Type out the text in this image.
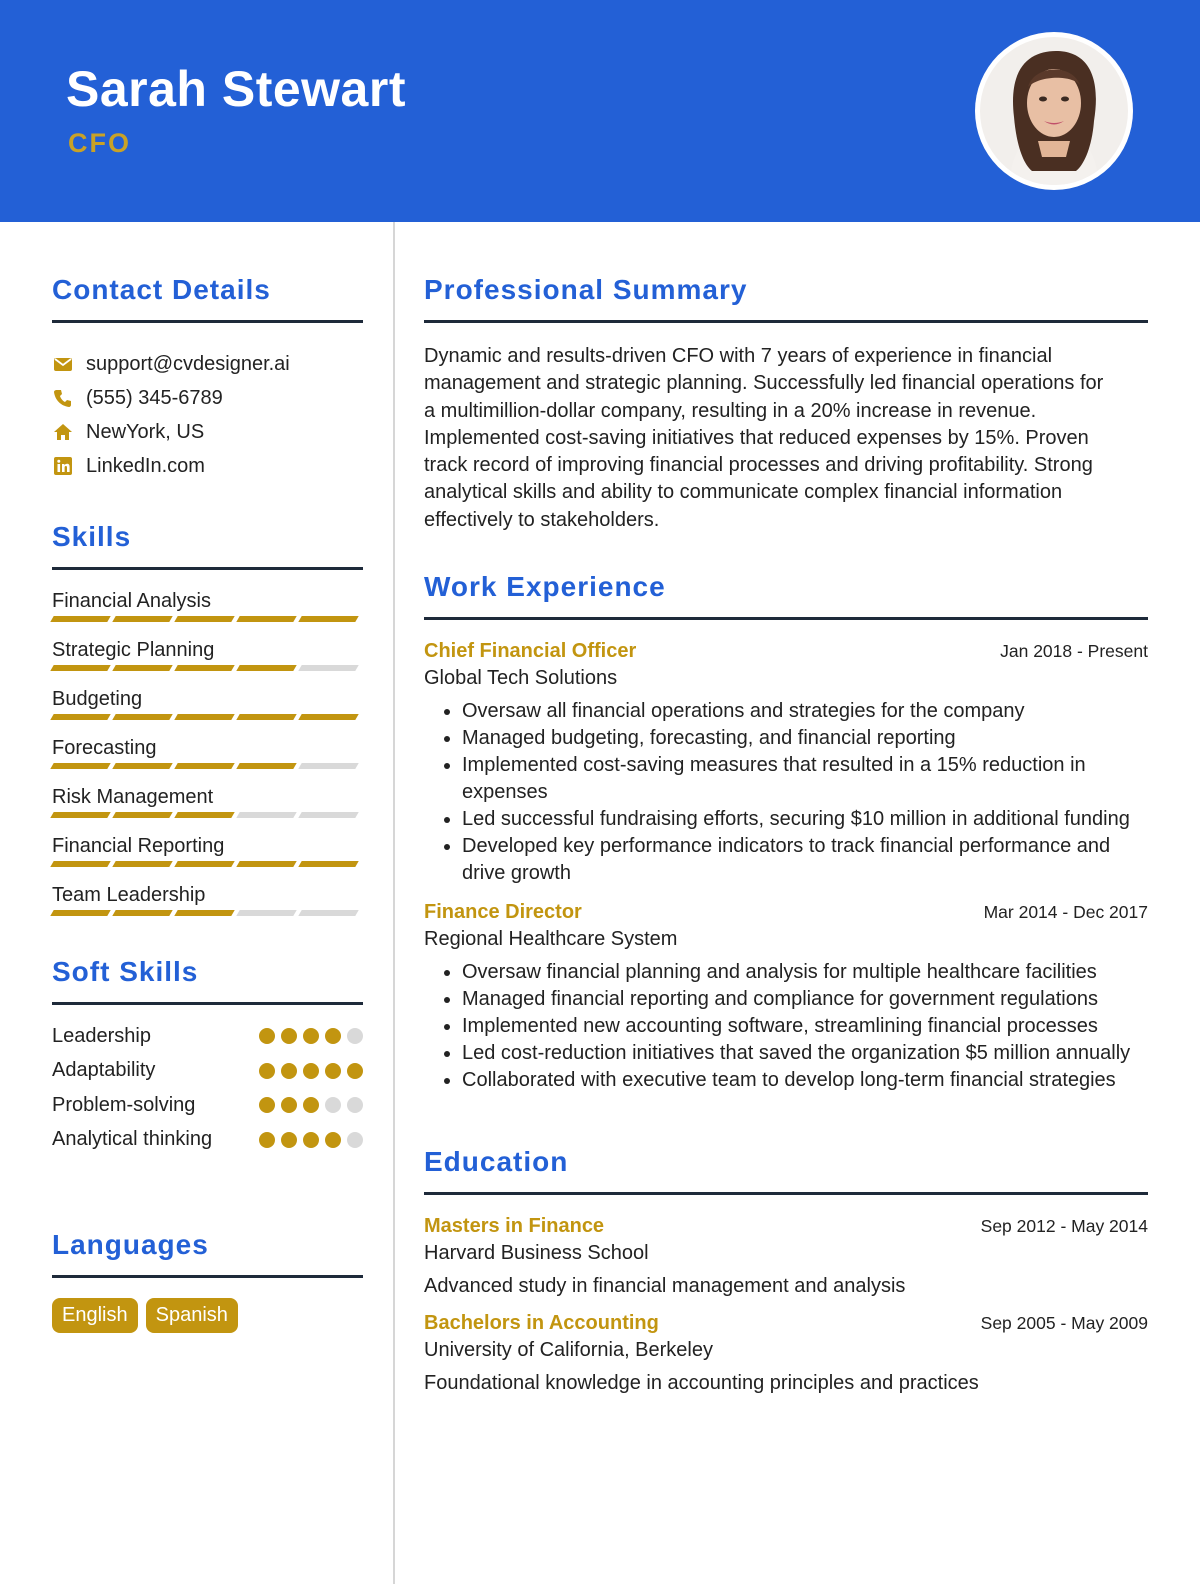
Sarah Stewart
CFO
Contact Details
support@cvdesigner.ai
(555) 345-6789
NewYork, US
LinkedIn.com
Skills
Financial Analysis
Strategic Planning
Budgeting
Forecasting
Risk Management
Financial Reporting
Team Leadership
Soft Skills
Leadership
Adaptability
Problem-solving
Analytical thinking
Languages
English	Spanish
Professional Summary
Dynamic and results-driven CFO with 7 years of experience in financial
management and strategic planning. Successfully led financial operations for
a multimillion-dollar company, resulting in a 20% increase in revenue.
Implemented cost-saving initiatives that reduced expenses by 15%. Proven
track record of improving financial processes and driving profitability. Strong
analytical skills and ability to communicate complex financial information
effectively to stakeholders.
Work Experience
Chief Financial Officer	Jan 2018 - Present
Global Tech Solutions
• Oversaw all financial operations and strategies for the company
• Managed budgeting, forecasting, and financial reporting
• Implemented cost-saving measures that resulted in a 15% reduction in expenses
• Led successful fundraising efforts, securing $10 million in additional funding
• Developed key performance indicators to track financial performance and drive growth
Finance Director	Mar 2014 - Dec 2017
Regional Healthcare System
• Oversaw financial planning and analysis for multiple healthcare facilities
• Managed financial reporting and compliance for government regulations
• Implemented new accounting software, streamlining financial processes
• Led cost-reduction initiatives that saved the organization $5 million annually
• Collaborated with executive team to develop long-term financial strategies
Education
Masters in Finance	Sep 2012 - May 2014
Harvard Business School
Advanced study in financial management and analysis
Bachelors in Accounting	Sep 2005 - May 2009
University of California, Berkeley
Foundational knowledge in accounting principles and practices
